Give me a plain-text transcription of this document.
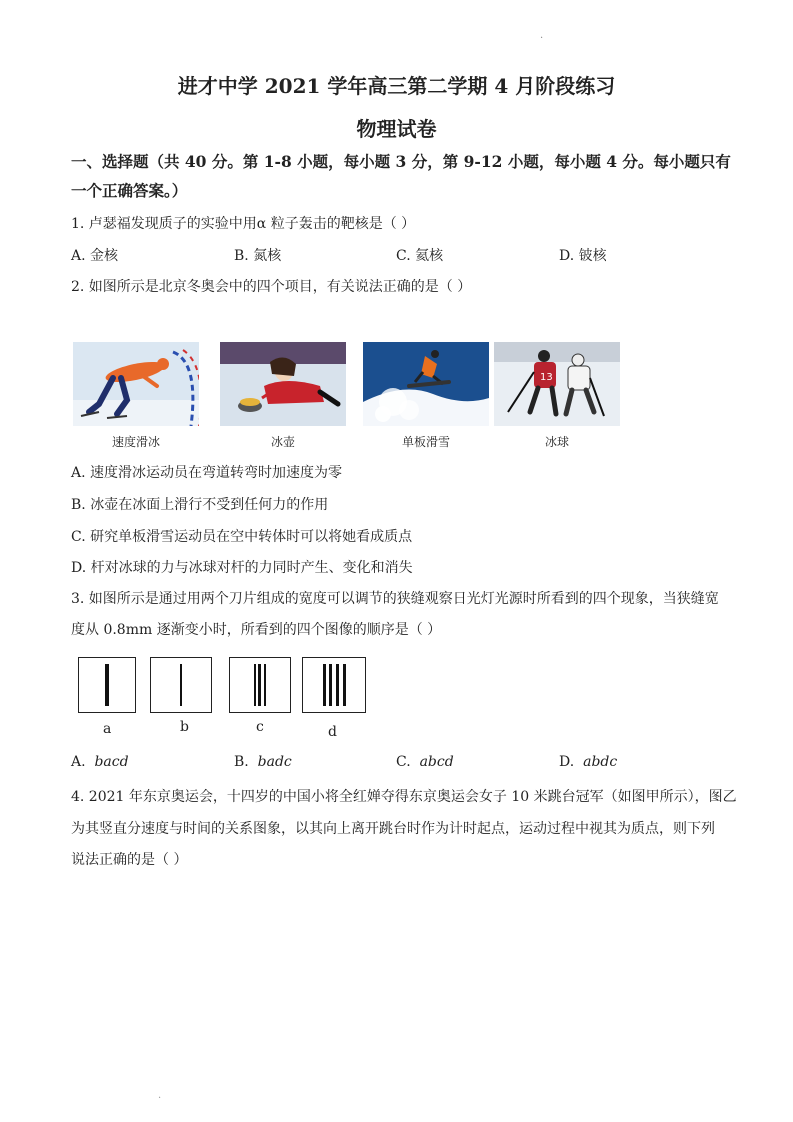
.
进才中学 2021 学年高三第二学期 4 月阶段练习
物理试卷
一、选择题（共 40 分。第 1-8 小题，每小题 3 分，第 9-12 小题，每小题 4 分。每小题只有
一个正确答案。）
1. 卢瑟福发现质子的实验中用α 粒子轰击的靶核是（ ）
A. 金核	B. 氮核	C. 氦核	D. 铍核
2. 如图所示是北京冬奥会中的四个项目，有关说法正确的是（ ）
速度滑冰	冰壶	单板滑雪
13
冰球
A. 速度滑冰运动员在弯道转弯时加速度为零
B. 冰壶在冰面上滑行不受到任何力的作用
C. 研究单板滑雪运动员在空中转体时可以将她看成质点
D. 杆对冰球的力与冰球对杆的力同时产生、变化和消失
3. 如图所示是通过用两个刀片组成的宽度可以调节的狭缝观察日光灯光源时所看到的四个现象，当狭缝宽
度从 0.8mm 逐渐变小时，所看到的四个图像的顺序是（ ）
a	b	c	d
A. bacd	B. badc	C. abcd	D. abdc
4. 2021 年东京奥运会，十四岁的中国小将全红婵夺得东京奥运会女子 10 米跳台冠军（如图甲所示），图乙
为其竖直分速度与时间的关系图象，以其向上离开跳台时作为计时起点，运动过程中视其为质点，则下列
说法正确的是（ ）
.
